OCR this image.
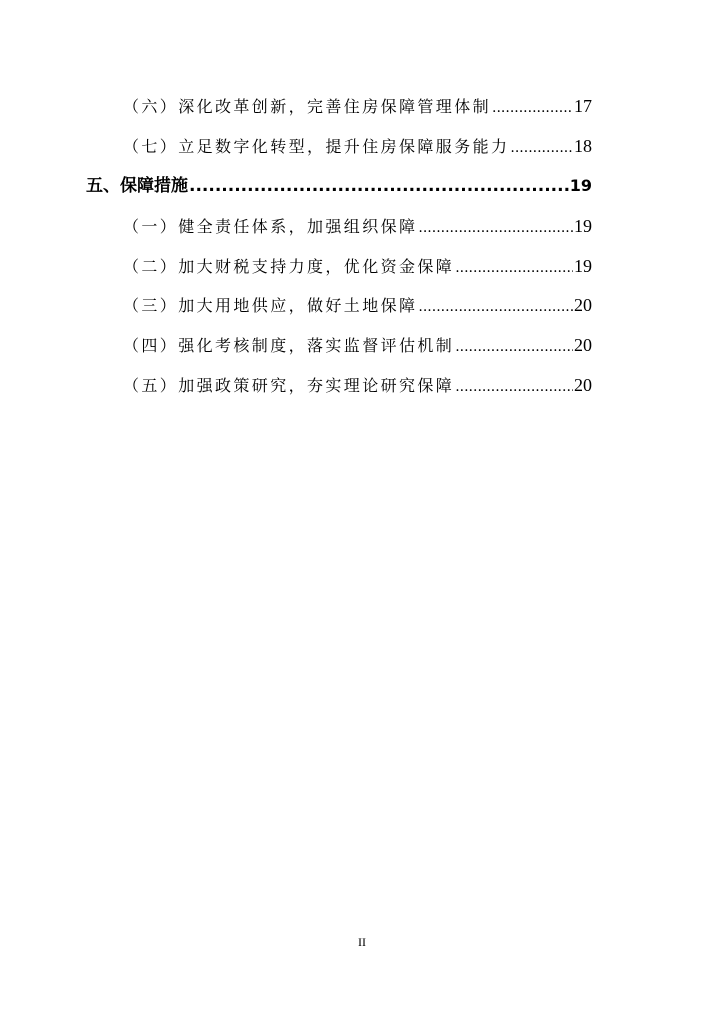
（六）深化改革创新，完善住房保障管理体制 .....	17
（七）立足数字化转型，提升住房保障服务能力 .....	18
五、保障措施 .....	19
（一）健全责任体系，加强组织保障 .....	19
（二）加大财税支持力度，优化资金保障 .....	19
（三）加大用地供应，做好土地保障 .....	20
（四）强化考核制度，落实监督评估机制 .....	20
（五）加强政策研究，夯实理论研究保障 .....	20
II
